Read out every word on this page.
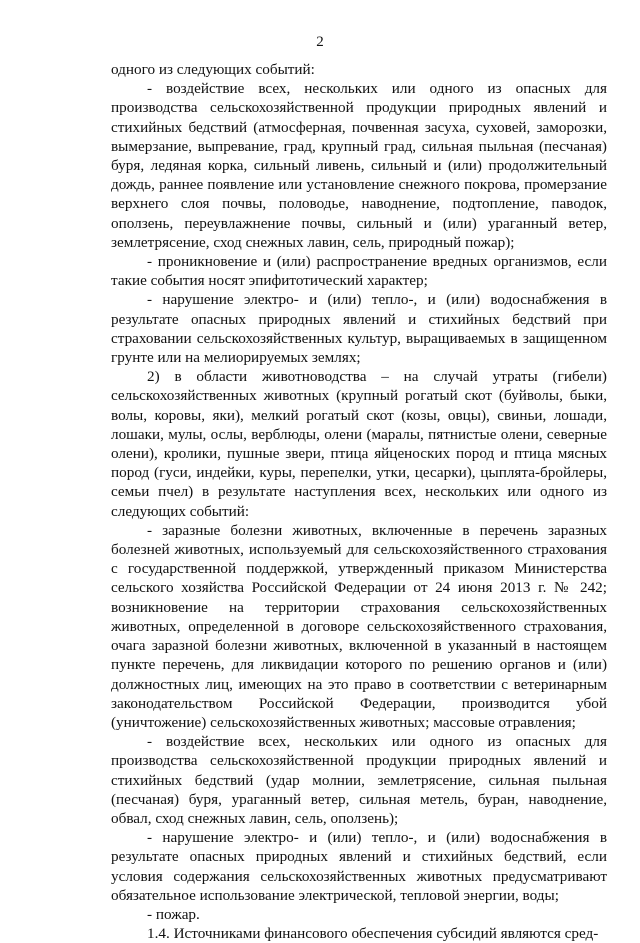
2

одного из следующих событий:

- воздействие всех, нескольких или одного из опасных для производства сельскохозяйственной продукции природных явлений и стихийных бедствий (атмосферная, почвенная засуха, суховей, заморозки, вымерзание, выпревание, град, крупный град, сильная пыльная (песчаная) буря, ледяная корка, сильный ливень, сильный и (или) продолжительный дождь, раннее появление или установление снежного покрова, промерзание верхнего слоя почвы, половодье, наводнение, подтопление, паводок, оползень, переувлажнение почвы, сильный и (или) ураганный ветер, землетрясение, сход снежных лавин, сель, природный пожар);

- проникновение и (или) распространение вредных организмов, если такие события носят эпифитотический характер;

- нарушение электро- и (или) тепло-, и (или) водоснабжения в результате опасных природных явлений и стихийных бедствий при страховании сельскохозяйственных культур, выращиваемых в защищенном грунте или на мелиорируемых землях;

2) в области животноводства – на случай утраты (гибели) сельскохозяйственных животных (крупный рогатый скот (буйволы, быки, волы, коровы, яки), мелкий рогатый скот (козы, овцы), свиньи, лошади, лошаки, мулы, ослы, верблюды, олени (маралы, пятнистые олени, северные олени), кролики, пушные звери, птица яйценоских пород и птица мясных пород (гуси, индейки, куры, перепелки, утки, цесарки), цыплята-бройлеры, семьи пчел) в результате наступления всех, нескольких или одного из следующих событий:

- заразные болезни животных, включенные в перечень заразных болезней животных, используемый для сельскохозяйственного страхования с государственной поддержкой, утвержденный приказом Министерства сельского хозяйства Российской Федерации от 24 июня 2013 г. № 242; возникновение на территории страхования сельскохозяйственных животных, определенной в договоре сельскохозяйственного страхования, очага заразной болезни животных, включенной в указанный в настоящем пункте перечень, для ликвидации которого по решению органов и (или) должностных лиц, имеющих на это право в соответствии с ветеринарным законодательством Российской Федерации, производится убой (уничтожение) сельскохозяйственных животных; массовые отравления;

- воздействие всех, нескольких или одного из опасных для производства сельскохозяйственной продукции природных явлений и стихийных бедствий (удар молнии, землетрясение, сильная пыльная (песчаная) буря, ураганный ветер, сильная метель, буран, наводнение, обвал, сход снежных лавин, сель, оползень);

- нарушение электро- и (или) тепло-, и (или) водоснабжения в результате опасных природных явлений и стихийных бедствий, если условия содержания сельскохозяйственных животных предусматривают обязательное использование электрической, тепловой энергии, воды;

- пожар.

1.4. Источниками финансового обеспечения субсидий являются сред-
